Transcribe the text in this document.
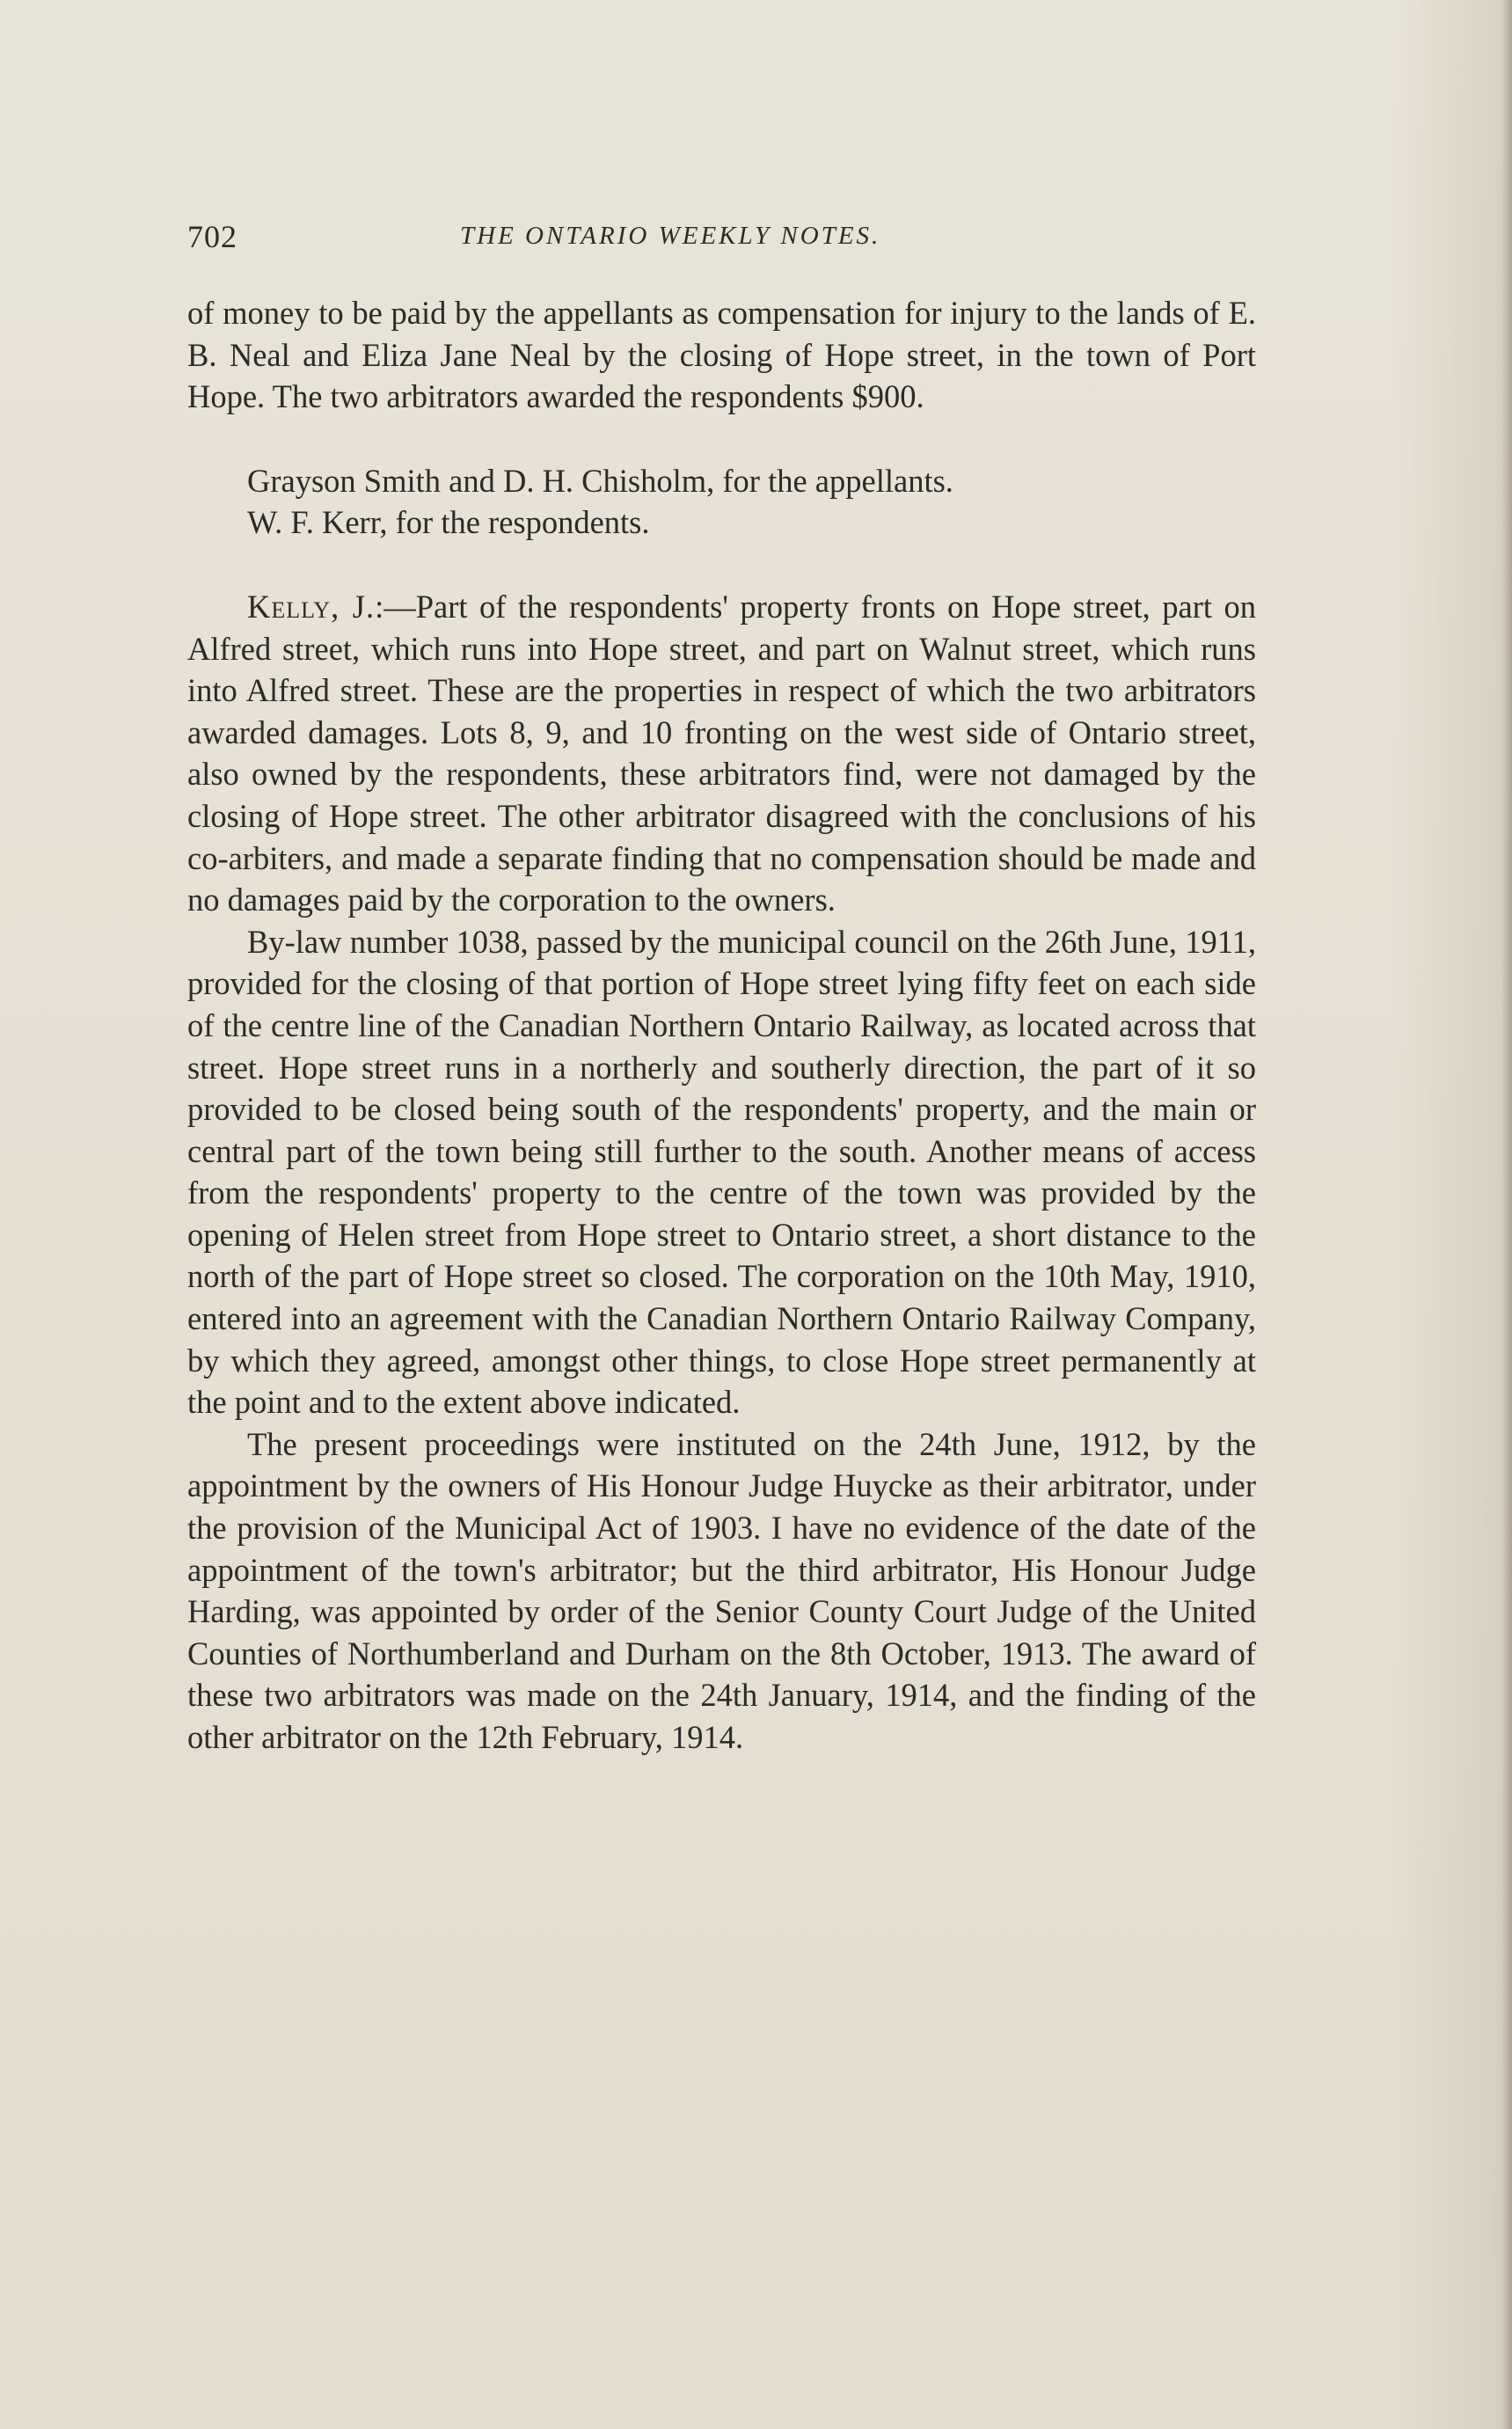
702	THE ONTARIO WEEKLY NOTES.

of money to be paid by the appellants as compensation for injury to the lands of E. B. Neal and Eliza Jane Neal by the closing of Hope street, in the town of Port Hope. The two arbitrators awarded the respondents $900.

Grayson Smith and D. H. Chisholm, for the appellants.

W. F. Kerr, for the respondents.

Kelly, J.:—Part of the respondents' property fronts on Hope street, part on Alfred street, which runs into Hope street, and part on Walnut street, which runs into Alfred street. These are the properties in respect of which the two arbitrators awarded damages. Lots 8, 9, and 10 fronting on the west side of Ontario street, also owned by the respondents, these arbitrators find, were not damaged by the closing of Hope street. The other arbitrator disagreed with the conclusions of his co-arbiters, and made a separate finding that no compensation should be made and no damages paid by the corporation to the owners.

By-law number 1038, passed by the municipal council on the 26th June, 1911, provided for the closing of that portion of Hope street lying fifty feet on each side of the centre line of the Canadian Northern Ontario Railway, as located across that street. Hope street runs in a northerly and southerly direction, the part of it so provided to be closed being south of the respondents' property, and the main or central part of the town being still further to the south. Another means of access from the respondents' property to the centre of the town was provided by the opening of Helen street from Hope street to Ontario street, a short distance to the north of the part of Hope street so closed. The corporation on the 10th May, 1910, entered into an agreement with the Canadian Northern Ontario Railway Company, by which they agreed, amongst other things, to close Hope street permanently at the point and to the extent above indicated.

The present proceedings were instituted on the 24th June, 1912, by the appointment by the owners of His Honour Judge Huycke as their arbitrator, under the provision of the Municipal Act of 1903. I have no evidence of the date of the appointment of the town's arbitrator; but the third arbitrator, His Honour Judge Harding, was appointed by order of the Senior County Court Judge of the United Counties of Northumberland and Durham on the 8th October, 1913. The award of these two arbitrators was made on the 24th January, 1914, and the finding of the other arbitrator on the 12th February, 1914.
